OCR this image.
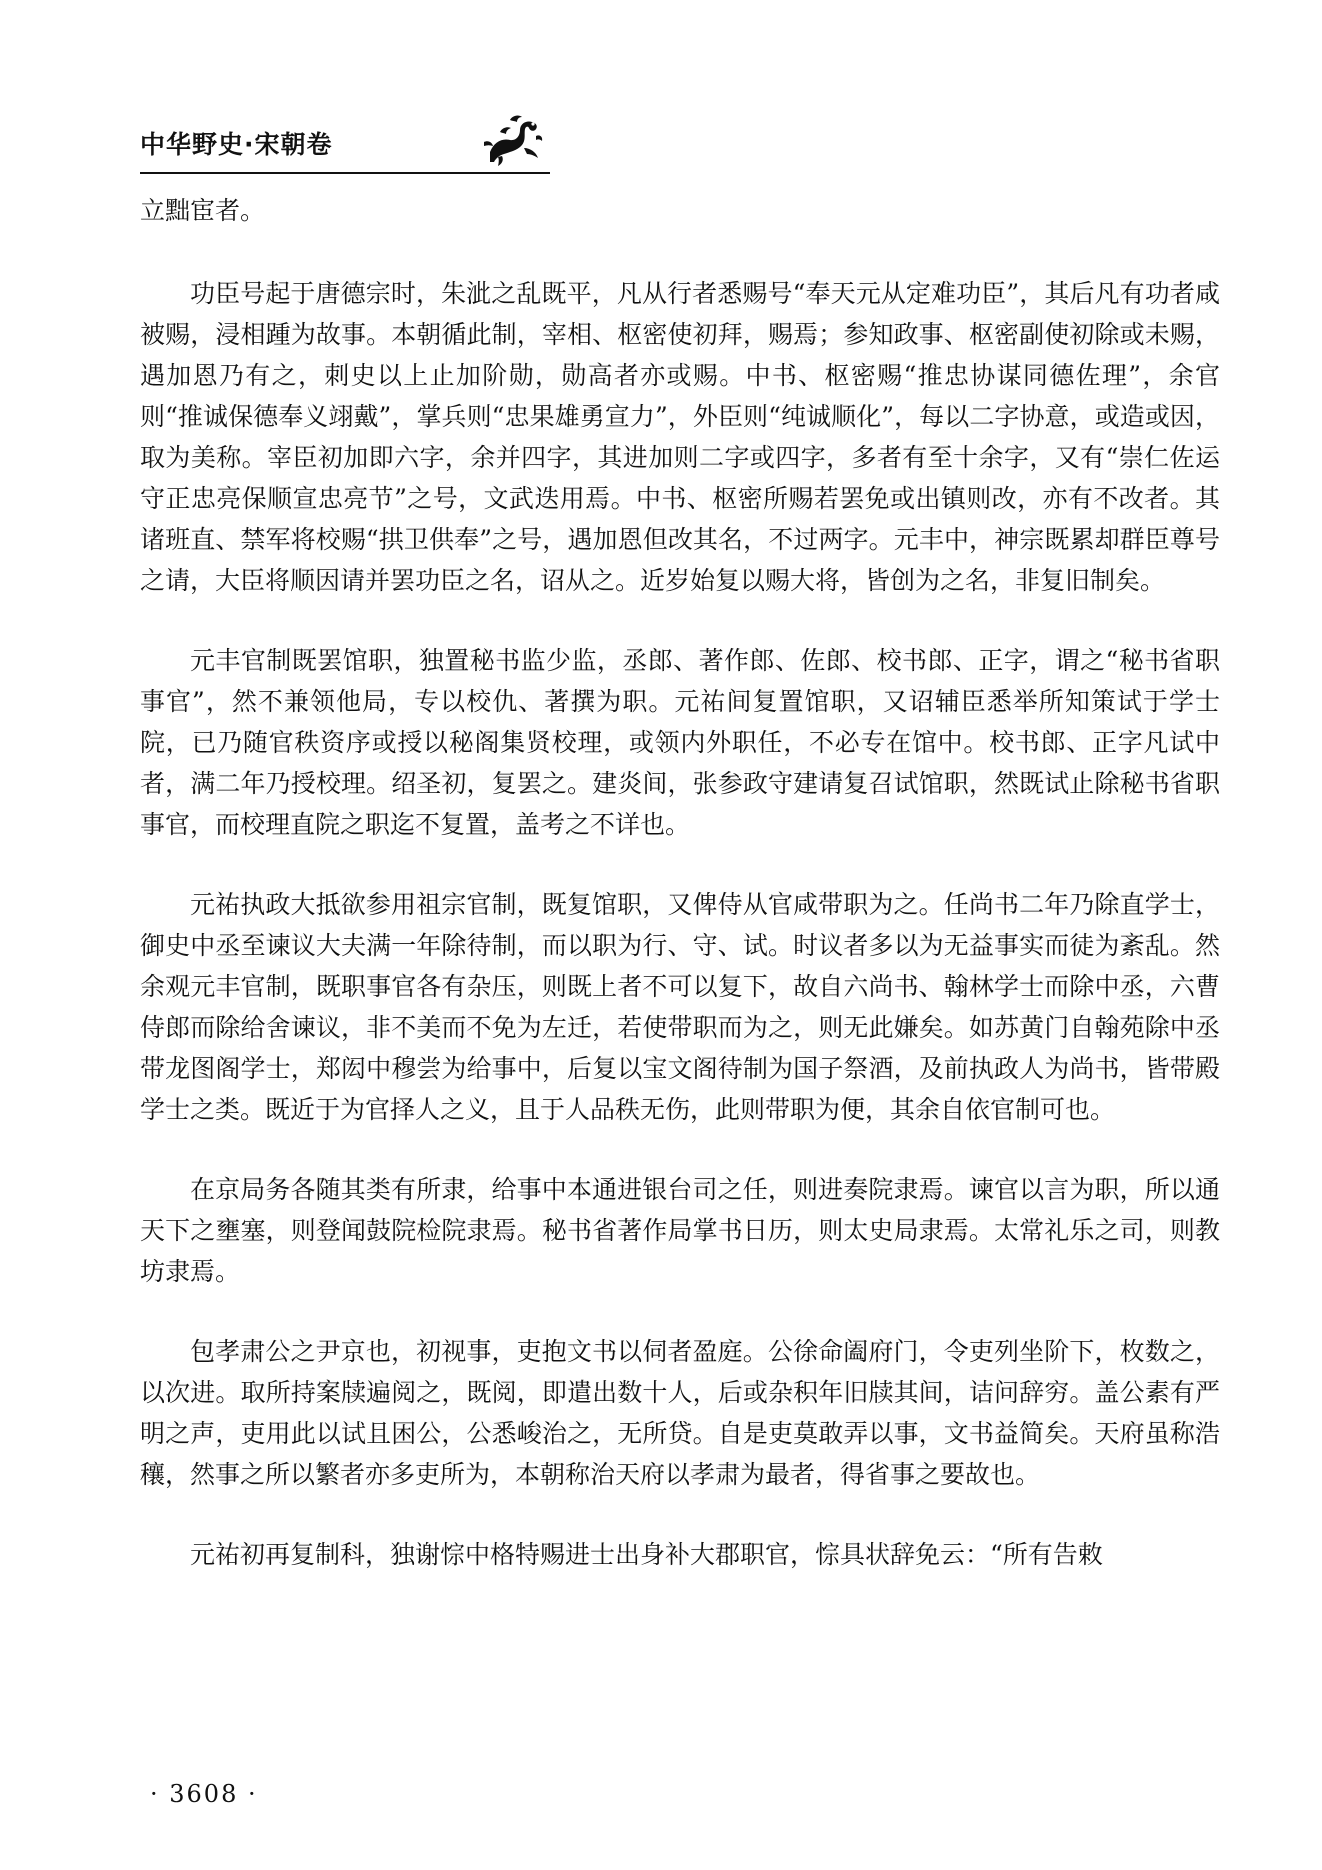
中华野史·宋朝卷

立黜宦者。

功臣号起于唐德宗时，朱泚之乱既平，凡从行者悉赐号“奉天元从定难功臣”，其后凡有功者咸被赐，浸相踵为故事。本朝循此制，宰相、枢密使初拜，赐焉；参知政事、枢密副使初除或未赐，遇加恩乃有之，刺史以上止加阶勋，勋高者亦或赐。中书、枢密赐“推忠协谋同德佐理”，余官则“推诚保德奉义翊戴”，掌兵则“忠果雄勇宣力”，外臣则“纯诚顺化”，每以二字协意，或造或因，取为美称。宰臣初加即六字，余并四字，其进加则二字或四字，多者有至十余字，又有“崇仁佐运守正忠亮保顺宣忠亮节”之号，文武迭用焉。中书、枢密所赐若罢免或出镇则改，亦有不改者。其诸班直、禁军将校赐“拱卫供奉”之号，遇加恩但改其名，不过两字。元丰中，神宗既累却群臣尊号之请，大臣将顺因请并罢功臣之名，诏从之。近岁始复以赐大将，皆创为之名，非复旧制矣。

元丰官制既罢馆职，独置秘书监少监，丞郎、著作郎、佐郎、校书郎、正字，谓之“秘书省职事官”，然不兼领他局，专以校仇、著撰为职。元祐间复置馆职，又诏辅臣悉举所知策试于学士院，已乃随官秩资序或授以秘阁集贤校理，或领内外职任，不必专在馆中。校书郎、正字凡试中者，满二年乃授校理。绍圣初，复罢之。建炎间，张参政守建请复召试馆职，然既试止除秘书省职事官，而校理直院之职迄不复置，盖考之不详也。

元祐执政大抵欲参用祖宗官制，既复馆职，又俾侍从官咸带职为之。任尚书二年乃除直学士，御史中丞至谏议大夫满一年除待制，而以职为行、守、试。时议者多以为无益事实而徒为紊乱。然余观元丰官制，既职事官各有杂压，则既上者不可以复下，故自六尚书、翰林学士而除中丞，六曹侍郎而除给舍谏议，非不美而不免为左迁，若使带职而为之，则无此嫌矣。如苏黄门自翰苑除中丞带龙图阁学士，郑闳中穆尝为给事中，后复以宝文阁待制为国子祭酒，及前执政人为尚书，皆带殿学士之类。既近于为官择人之义，且于人品秩无伤，此则带职为便，其余自依官制可也。

在京局务各随其类有所隶，给事中本通进银台司之任，则进奏院隶焉。谏官以言为职，所以通天下之壅塞，则登闻鼓院检院隶焉。秘书省著作局掌书日历，则太史局隶焉。太常礼乐之司，则教坊隶焉。

包孝肃公之尹京也，初视事，吏抱文书以伺者盈庭。公徐命阖府门，令吏列坐阶下，枚数之，以次进。取所持案牍遍阅之，既阅，即遣出数十人，后或杂积年旧牍其间，诘问辞穷。盖公素有严明之声，吏用此以试且困公，公悉峻治之，无所贷。自是吏莫敢弄以事，文书益简矣。天府虽称浩穰，然事之所以繁者亦多吏所为，本朝称治天府以孝肃为最者，得省事之要故也。

元祐初再复制科，独谢悰中格特赐进士出身补大郡职官，悰具状辞免云：“所有告敕

· 3608 ·
